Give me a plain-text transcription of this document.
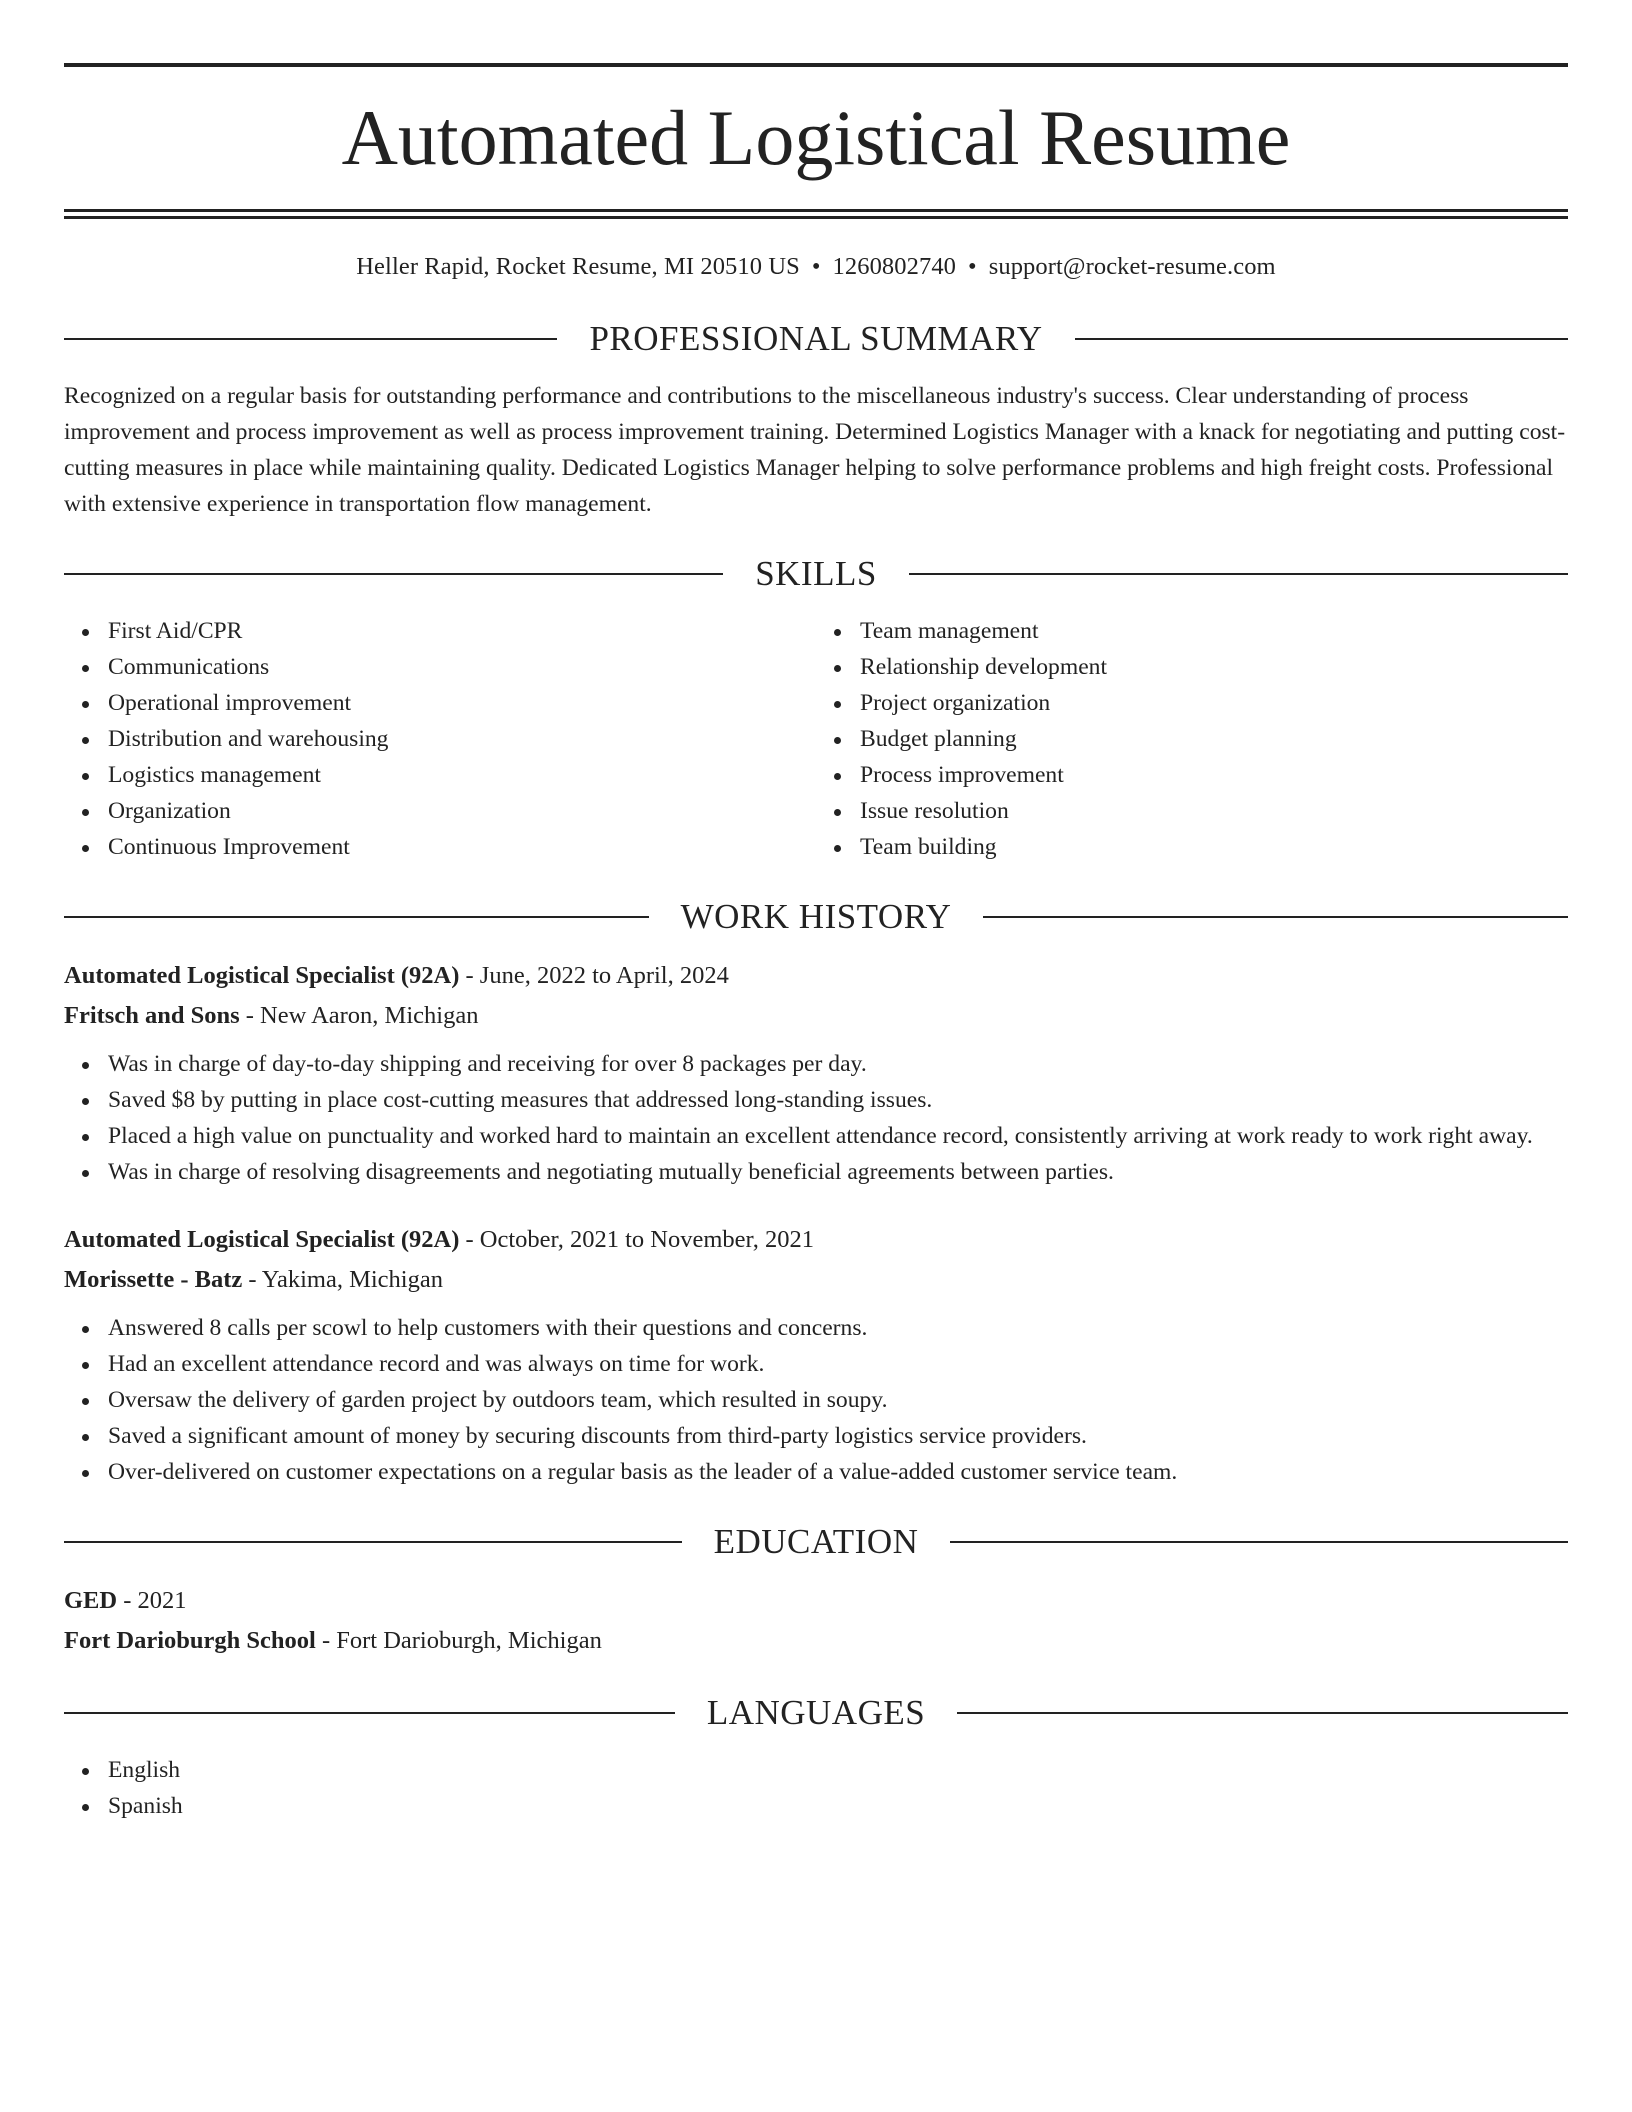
Automated Logistical Resume
Heller Rapid, Rocket Resume, MI 20510 US • 1260802740 • support@rocket-resume.com
PROFESSIONAL SUMMARY

Recognized on a regular basis for outstanding performance and contributions to the miscellaneous industry's success. Clear understanding of process improvement and process improvement as well as process improvement training. Determined Logistics Manager with a knack for negotiating and putting cost-cutting measures in place while maintaining quality. Dedicated Logistics Manager helping to solve performance problems and high freight costs. Professional with extensive experience in transportation flow management.

SKILLS
First Aid/CPR
Communications
Operational improvement
Distribution and warehousing
Logistics management
Organization
Continuous Improvement
Team management
Relationship development
Project organization
Budget planning
Process improvement
Issue resolution
Team building
WORK HISTORY
Automated Logistical Specialist (92A) - June, 2022 to April, 2024
Fritsch and Sons - New Aaron, Michigan
Was in charge of day-to-day shipping and receiving for over 8 packages per day.
Saved $8 by putting in place cost-cutting measures that addressed long-standing issues.
Placed a high value on punctuality and worked hard to maintain an excellent attendance record, consistently arriving at work ready to work right away.
Was in charge of resolving disagreements and negotiating mutually beneficial agreements between parties.
Automated Logistical Specialist (92A) - October, 2021 to November, 2021
Morissette - Batz - Yakima, Michigan
Answered 8 calls per scowl to help customers with their questions and concerns.
Had an excellent attendance record and was always on time for work.
Oversaw the delivery of garden project by outdoors team, which resulted in soupy.
Saved a significant amount of money by securing discounts from third-party logistics service providers.
Over-delivered on customer expectations on a regular basis as the leader of a value-added customer service team.
EDUCATION
GED - 2021
Fort Darioburgh School - Fort Darioburgh, Michigan
LANGUAGES
English
Spanish
